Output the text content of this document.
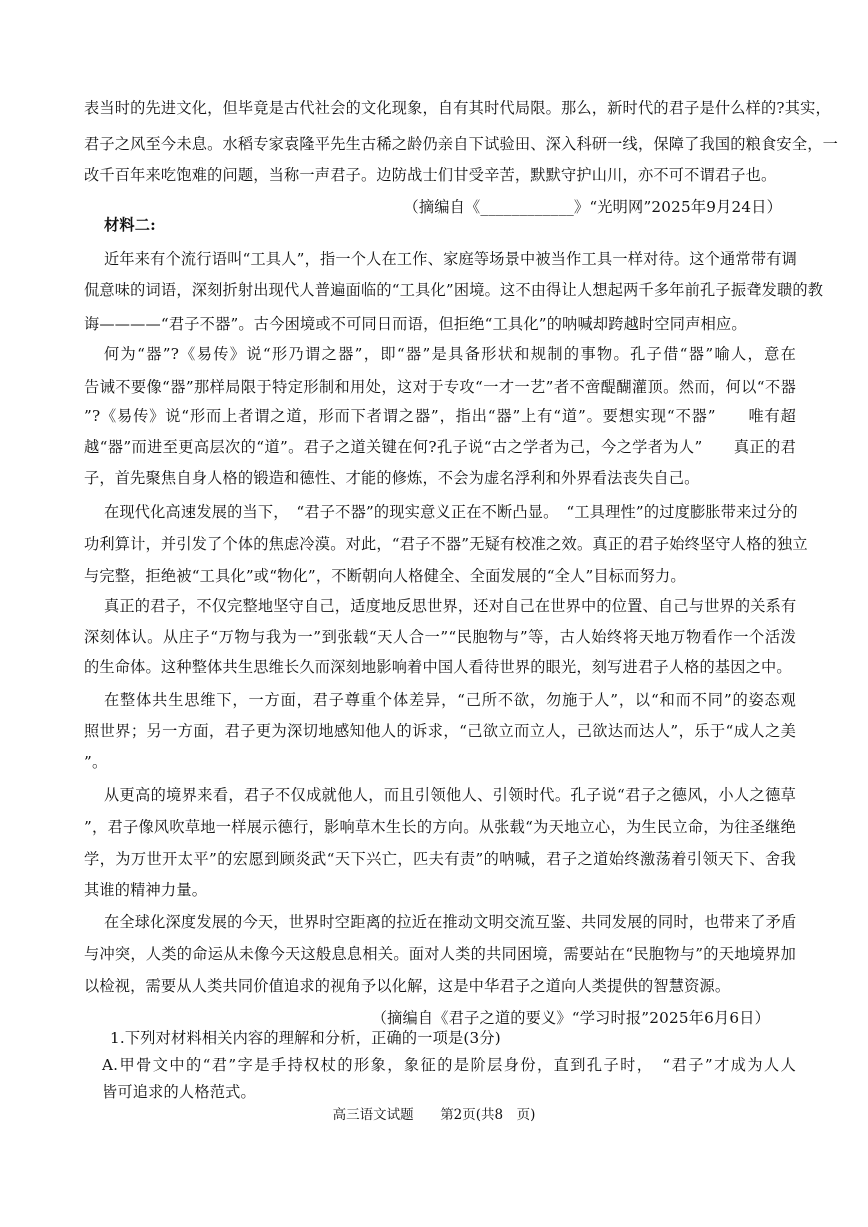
表当时的先进文化，但毕竟是古代社会的文化现象，自有其时代局限。那么，新时代的君子是什么样的?其实，
君子之风至今未息。水稻专家袁隆平先生古稀之龄仍亲自下试验田、深入科研一线，保障了我国的粮食安全，一
改千百年来吃饱难的问题，当称一声君子。边防战士们甘受辛苦，默默守护山川，亦不可不谓君子也。
（摘编自《____________》“光明网”2025年9月24日）
材料二:
近年来有个流行语叫“工具人”，指一个人在工作、家庭等场景中被当作工具一样对待。这个通常带有调
侃意味的词语，深刻折射出现代人普遍面临的“工具化”困境。这不由得让人想起两千多年前孔子振聋发聩的教
诲————“君子不器”。古今困境或不可同日而语，但拒绝“工具化”的呐喊却跨越时空同声相应。
何为“器”?《易传》说“形乃谓之器”，即“器”是具备形状和规制的事物。孔子借“器”喻人，意在
告诫不要像“器”那样局限于特定形制和用处，这对于专攻“一才一艺”者不啻醍醐灌顶。然而，何以“不器
”?《易传》说“形而上者谓之道，形而下者谓之器”，指出“器”上有“道”。要想实现“不器”　　唯有超
越“器”而进至更高层次的“道”。君子之道关键在何?孔子说“古之学者为己，今之学者为人”　　真正的君
子，首先聚焦自身人格的锻造和德性、才能的修炼，不会为虚名浮利和外界看法丧失自己。
在现代化高速发展的当下，　“君子不器”的现实意义正在不断凸显。　“工具理性”的过度膨胀带来过分的
功利算计，并引发了个体的焦虑冷漠。对此，“君子不器”无疑有校准之效。真正的君子始终坚守人格的独立
与完整，拒绝被“工具化”或“物化”，不断朝向人格健全、全面发展的“全人”目标而努力。
真正的君子，不仅完整地坚守自己，适度地反思世界，还对自己在世界中的位置、自己与世界的关系有
深刻体认。从庄子“万物与我为一”到张载“天人合一”“民胞物与”等，古人始终将天地万物看作一个活泼
的生命体。这种整体共生思维长久而深刻地影响着中国人看待世界的眼光，刻写进君子人格的基因之中。
在整体共生思维下，一方面，君子尊重个体差异，“己所不欲，勿施于人”，以“和而不同”的姿态观
照世界；另一方面，君子更为深切地感知他人的诉求，“己欲立而立人，己欲达而达人”，乐于“成人之美
”。
从更高的境界来看，君子不仅成就他人，而且引领他人、引领时代。孔子说“君子之德风，小人之德草
”，君子像风吹草地一样展示德行，影响草木生长的方向。从张载“为天地立心，为生民立命，为往圣继绝
学，为万世开太平”的宏愿到顾炎武“天下兴亡，匹夫有责”的呐喊，君子之道始终激荡着引领天下、舍我
其谁的精神力量。
在全球化深度发展的今天，世界时空距离的拉近在推动文明交流互鉴、共同发展的同时，也带来了矛盾
与冲突，人类的命运从未像今天这般息息相关。面对人类的共同困境，需要站在“民胞物与”的天地境界加
以检视，需要从人类共同价值追求的视角予以化解，这是中华君子之道向人类提供的智慧资源。
（摘编自《君子之道的要义》“学习时报”2025年6月6日）
1.下列对材料相关内容的理解和分析，正确的一项是(3分)
A.甲骨文中的“君”字是手持权杖的形象，象征的是阶层身份，直到孔子时，　“君子”才成为人人
皆可追求的人格范式。
高三语文试题 第2页(共8　页)
